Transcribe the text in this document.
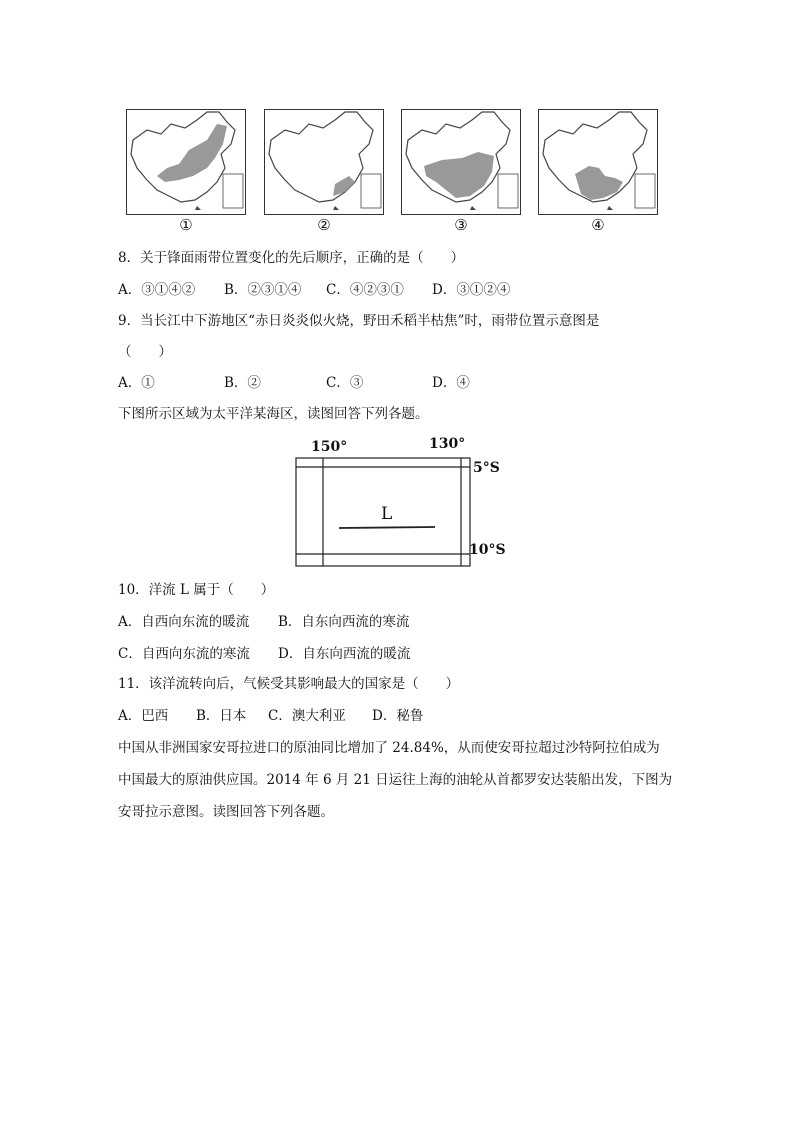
①	②	③	④
8．关于锋面雨带位置变化的先后顺序，正确的是（　　）
A．③①④② B．②③①④ C．④②③① D．③①②④
9．当长江中下游地区“赤日炎炎似火烧，野田禾稻半枯焦”时，雨带位置示意图是
（　　）
A．①	B．②	C．③	D．④
下图所示区域为太平洋某海区，读图回答下列各题。
150°	130°
5°S
10°S
L
10．洋流 L 属于（　　）
A．自西向东流的暖流 B．自东向西流的寒流
C．自西向东流的寒流 D．自东向西流的暖流
11．该洋流转向后，气候受其影响最大的国家是（　　）
A．巴西 B．日本 C．澳大利亚 D．秘鲁
中国从非洲国家安哥拉进口的原油同比增加了 24.84%，从而使安哥拉超过沙特阿拉伯成为
中国最大的原油供应国。2014 年 6 月 21 日运往上海的油轮从首都罗安达装船出发，下图为
安哥拉示意图。读图回答下列各题。
